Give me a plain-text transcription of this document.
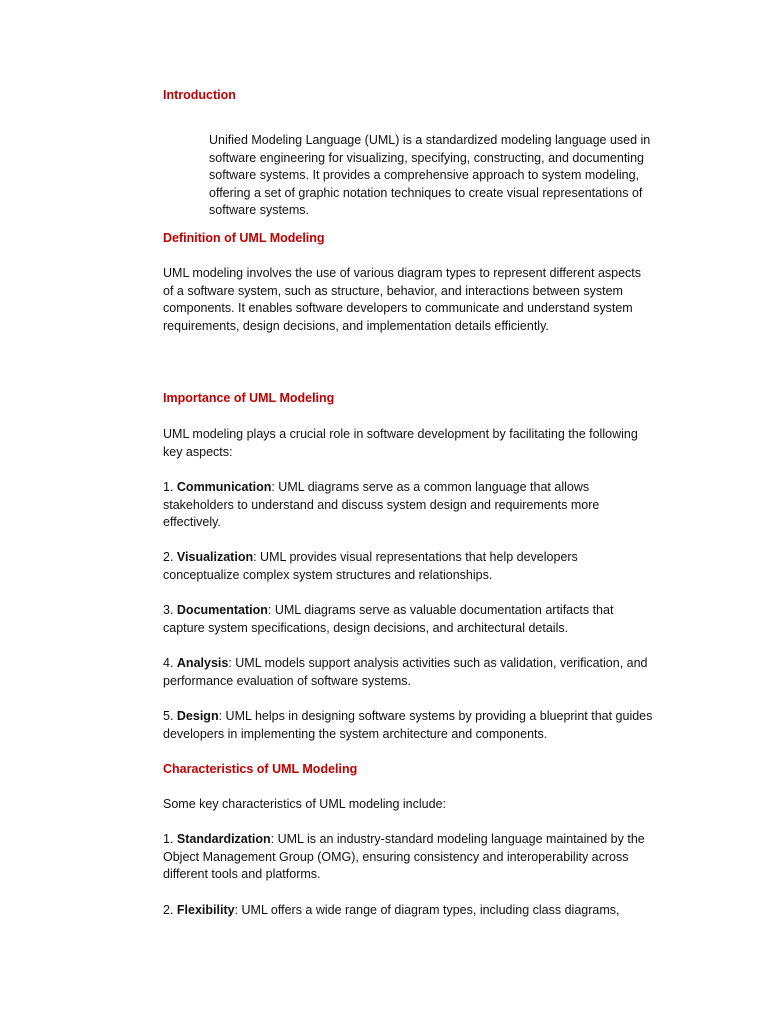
Introduction

Unified Modeling Language (UML) is a standardized modeling language used in software engineering for visualizing, specifying, constructing, and documenting software systems. It provides a comprehensive approach to system modeling, offering a set of graphic notation techniques to create visual representations of software systems.

Definition of UML Modeling

UML modeling involves the use of various diagram types to represent different aspects of a software system, such as structure, behavior, and interactions between system components. It enables software developers to communicate and understand system requirements, design decisions, and implementation details efficiently.

Importance of UML Modeling

UML modeling plays a crucial role in software development by facilitating the following key aspects:

1. Communication: UML diagrams serve as a common language that allows stakeholders to understand and discuss system design and requirements more effectively.

2. Visualization: UML provides visual representations that help developers conceptualize complex system structures and relationships.

3. Documentation: UML diagrams serve as valuable documentation artifacts that capture system specifications, design decisions, and architectural details.

4. Analysis: UML models support analysis activities such as validation, verification, and performance evaluation of software systems.

5. Design: UML helps in designing software systems by providing a blueprint that guides developers in implementing the system architecture and components.

Characteristics of UML Modeling

Some key characteristics of UML modeling include:

1. Standardization: UML is an industry-standard modeling language maintained by the Object Management Group (OMG), ensuring consistency and interoperability across different tools and platforms.

2. Flexibility: UML offers a wide range of diagram types, including class diagrams,
